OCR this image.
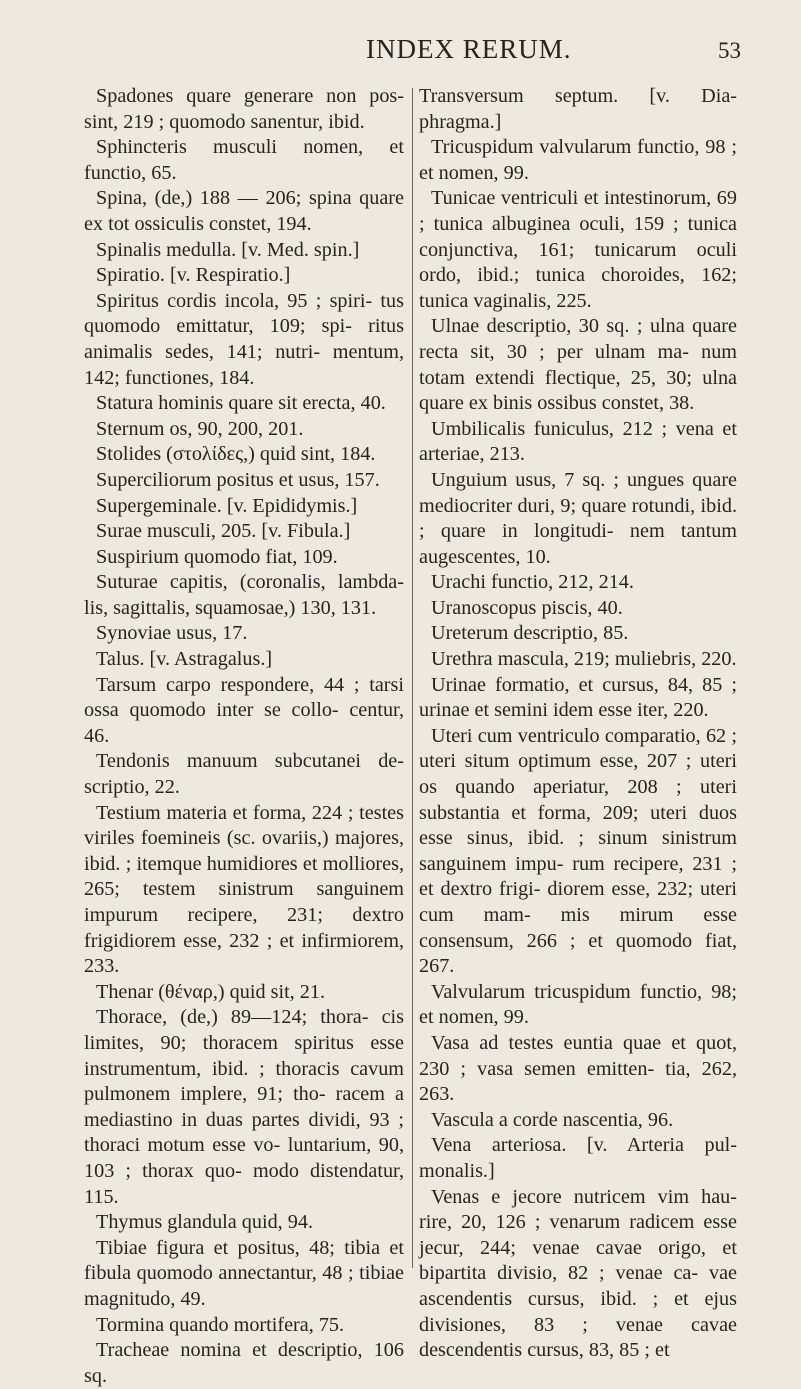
INDEX RERUM.	53

Spadones quare generare non pos- sint, 219 ; quomodo sanentur, ibid.

Sphincteris musculi nomen, et functio, 65.

Spina, (de,) 188 — 206; spina quare ex tot ossiculis constet, 194.

Spinalis medulla. [v. Med. spin.]

Spiratio. [v. Respiratio.]

Spiritus cordis incola, 95 ; spiri- tus quomodo emittatur, 109; spi- ritus animalis sedes, 141; nutri- mentum, 142; functiones, 184.

Statura hominis quare sit erecta, 40.

Sternum os, 90, 200, 201.

Stolides (στολίδες,) quid sint, 184.

Superciliorum positus et usus, 157.

Supergeminale. [v. Epididymis.]

Surae musculi, 205. [v. Fibula.]

Suspirium quomodo fiat, 109.

Suturae capitis, (coronalis, lambda- lis, sagittalis, squamosae,) 130, 131.

Synoviae usus, 17.

Talus. [v. Astragalus.]

Tarsum carpo respondere, 44 ; tarsi ossa quomodo inter se collo- centur, 46.

Tendonis manuum subcutanei de- scriptio, 22.

Testium materia et forma, 224 ; testes viriles foemineis (sc. ovariis,) majores, ibid. ; itemque humidiores et molliores, 265; testem sinistrum sanguinem impurum recipere, 231; dextro frigidiorem esse, 232 ; et infirmiorem, 233.

Thenar (θέναρ,) quid sit, 21.

Thorace, (de,) 89—124; thora- cis limites, 90; thoracem spiritus esse instrumentum, ibid. ; thoracis cavum pulmonem implere, 91; tho- racem a mediastino in duas partes dividi, 93 ; thoraci motum esse vo- luntarium, 90, 103 ; thorax quo- modo distendatur, 115.

Thymus glandula quid, 94.

Tibiae figura et positus, 48; tibia et fibula quomodo annectantur, 48 ; tibiae magnitudo, 49.

Tormina quando mortifera, 75.

Tracheae nomina et descriptio, 106 sq.

Transversum septum. [v. Dia- phragma.]

Tricuspidum valvularum functio, 98 ; et nomen, 99.

Tunicae ventriculi et intestinorum, 69 ; tunica albuginea oculi, 159 ; tunica conjunctiva, 161; tunicarum oculi ordo, ibid.; tunica choroides, 162; tunica vaginalis, 225.

Ulnae descriptio, 30 sq. ; ulna quare recta sit, 30 ; per ulnam ma- num totam extendi flectique, 25, 30; ulna quare ex binis ossibus constet, 38.

Umbilicalis funiculus, 212 ; vena et arteriae, 213.

Unguium usus, 7 sq. ; ungues quare mediocriter duri, 9; quare rotundi, ibid. ; quare in longitudi- nem tantum augescentes, 10.

Urachi functio, 212, 214.

Uranoscopus piscis, 40.

Ureterum descriptio, 85.

Urethra mascula, 219; muliebris, 220.

Urinae formatio, et cursus, 84, 85 ; urinae et semini idem esse iter, 220.

Uteri cum ventriculo comparatio, 62 ; uteri situm optimum esse, 207 ; uteri os quando aperiatur, 208 ; uteri substantia et forma, 209; uteri duos esse sinus, ibid. ; sinum sinistrum sanguinem impu- rum recipere, 231 ; et dextro frigi- diorem esse, 232; uteri cum mam- mis mirum esse consensum, 266 ; et quomodo fiat, 267.

Valvularum tricuspidum functio, 98; et nomen, 99.

Vasa ad testes euntia quae et quot, 230 ; vasa semen emitten- tia, 262, 263.

Vascula a corde nascentia, 96.

Vena arteriosa. [v. Arteria pul- monalis.]

Venas e jecore nutricem vim hau- rire, 20, 126 ; venarum radicem esse jecur, 244; venae cavae origo, et bipartita divisio, 82 ; venae ca- vae ascendentis cursus, ibid. ; et ejus divisiones, 83 ; venae cavae descendentis cursus, 83, 85 ; et
